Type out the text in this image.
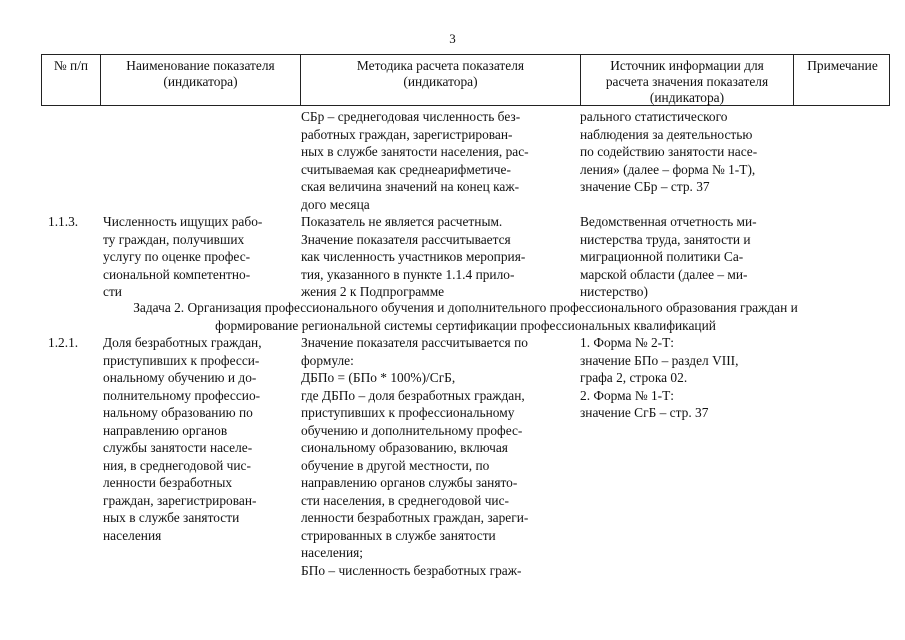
3
№ п/п	Наименование показателя
(индикатора)
Методика расчета показателя
(индикатора)
Источник информации для
расчета значения показателя
(индикатора)
Примечание
СБр – среднегодовая численность без-
работных граждан, зарегистрирован-
ных в службе занятости населения, рас-
считываемая как среднеарифметиче-
ская величина значений на конец каж-
дого месяца
рального статистического
наблюдения за деятельностью
по содействию занятости насе-
ления» (далее – форма № 1-Т),
значение СБр – стр. 37
1.1.3. Численность ищущих рабо-
ту граждан, получивших
услугу по оценке профес-
сиональной компетентно-
сти
Показатель не является расчетным.
Значение показателя рассчитывается
как численность участников мероприя-
тия, указанного в пункте 1.1.4 прило-
жения 2 к Подпрограмме
Ведомственная отчетность ми-
нистерства труда, занятости и
миграционной политики Са-
марской области (далее – ми-
нистерство)
Задача 2. Организация профессионального обучения и дополнительного профессионального образования граждан и
формирование региональной системы сертификации профессиональных квалификаций
1.2.1. Доля безработных граждан,
приступивших к професси-
ональному обучению и до-
полнительному профессио-
нальному образованию по
направлению органов
службы занятости населе-
ния, в среднегодовой чис-
ленности безработных
граждан, зарегистрирован-
ных в службе занятости
населения
Значение показателя рассчитывается по
формуле:
ДБПо = (БПо * 100%)/СгБ,
где ДБПо – доля безработных граждан,
приступивших к профессиональному
обучению и дополнительному профес-
сиональному образованию, включая
обучение в другой местности, по
направлению органов службы занято-
сти населения, в среднегодовой чис-
ленности безработных граждан, зареги-
стрированных в службе занятости
населения;
БПо – численность безработных граж-
1. Форма № 2-Т:
значение БПо – раздел VIII,
графа 2, строка 02.
2. Форма № 1-Т:
значение СгБ – стр. 37
